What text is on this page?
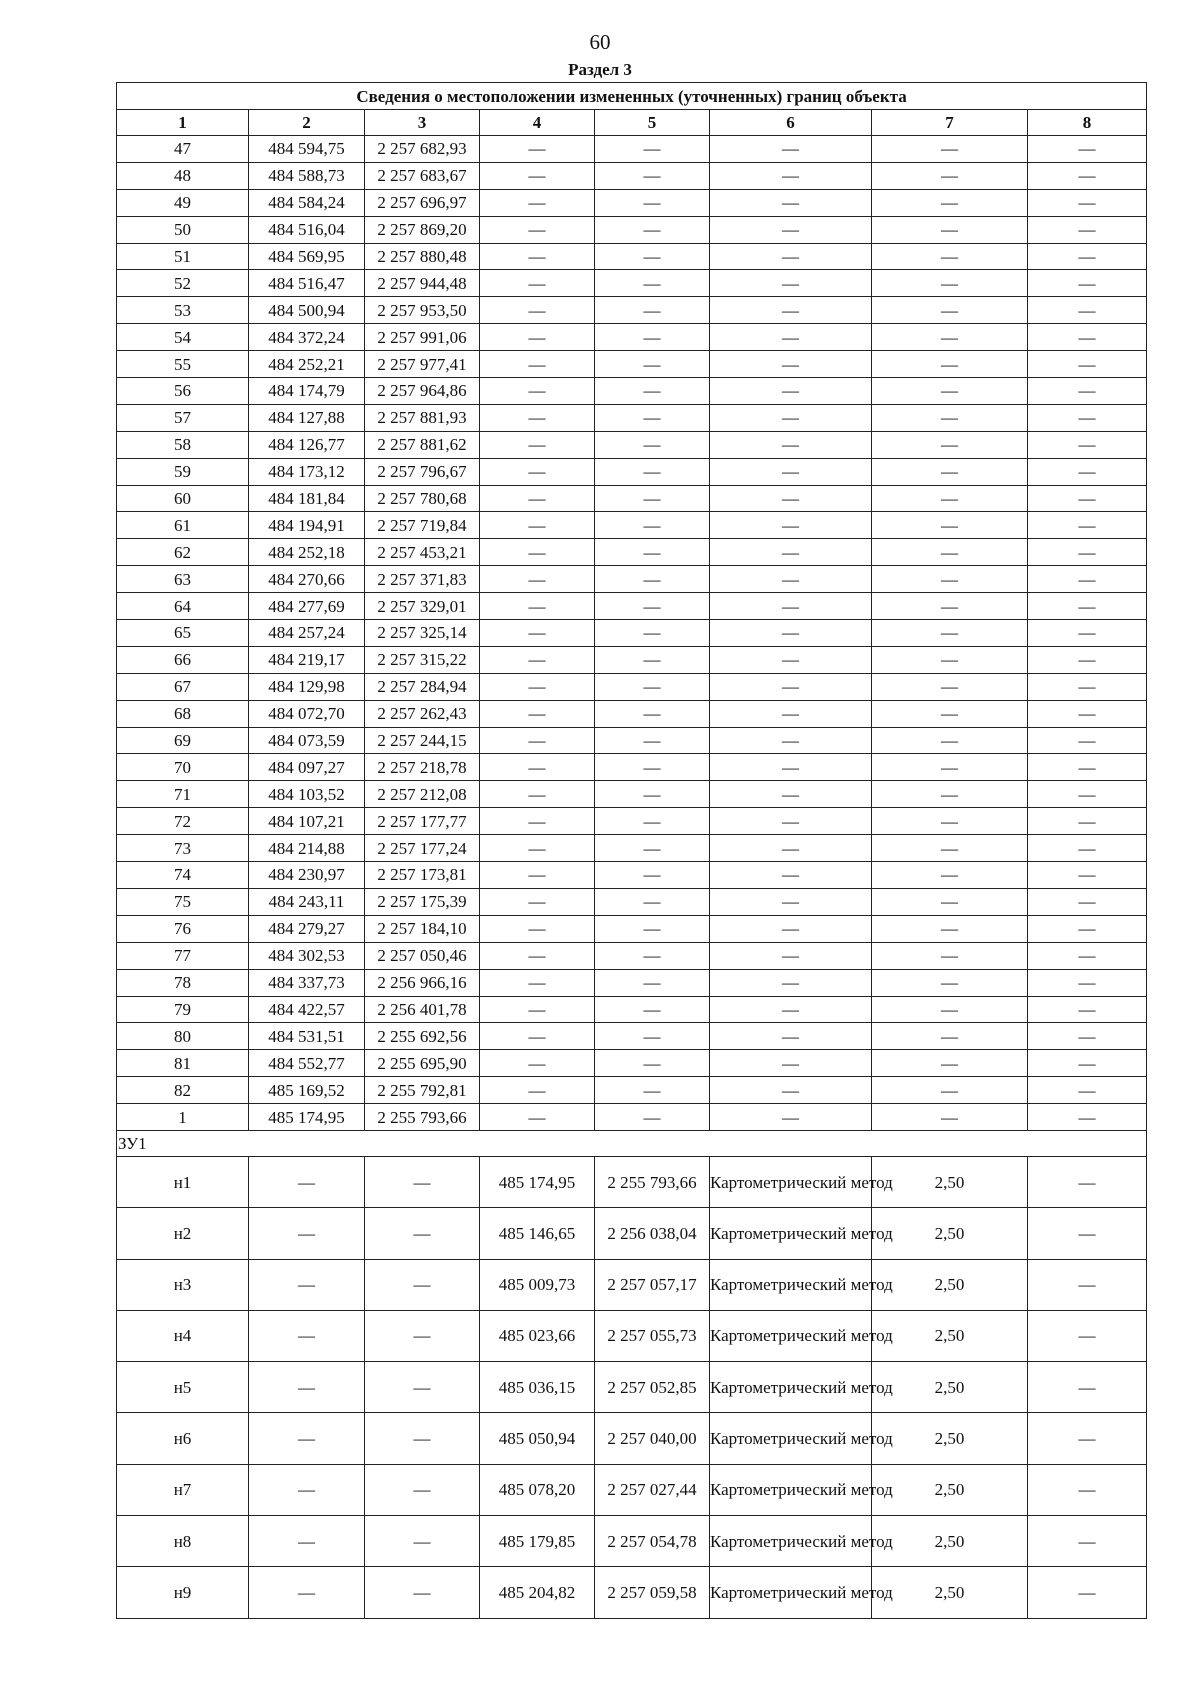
60
Раздел 3
Сведения о местоположении измененных (уточненных) границ объекта							
1	2	3	4	5	6	7	8
47	484 594,75	2 257 682,93	—	—	—	—	—
48	484 588,73	2 257 683,67	—	—	—	—	—
49	484 584,24	2 257 696,97	—	—	—	—	—
50	484 516,04	2 257 869,20	—	—	—	—	—
51	484 569,95	2 257 880,48	—	—	—	—	—
52	484 516,47	2 257 944,48	—	—	—	—	—
53	484 500,94	2 257 953,50	—	—	—	—	—
54	484 372,24	2 257 991,06	—	—	—	—	—
55	484 252,21	2 257 977,41	—	—	—	—	—
56	484 174,79	2 257 964,86	—	—	—	—	—
57	484 127,88	2 257 881,93	—	—	—	—	—
58	484 126,77	2 257 881,62	—	—	—	—	—
59	484 173,12	2 257 796,67	—	—	—	—	—
60	484 181,84	2 257 780,68	—	—	—	—	—
61	484 194,91	2 257 719,84	—	—	—	—	—
62	484 252,18	2 257 453,21	—	—	—	—	—
63	484 270,66	2 257 371,83	—	—	—	—	—
64	484 277,69	2 257 329,01	—	—	—	—	—
65	484 257,24	2 257 325,14	—	—	—	—	—
66	484 219,17	2 257 315,22	—	—	—	—	—
67	484 129,98	2 257 284,94	—	—	—	—	—
68	484 072,70	2 257 262,43	—	—	—	—	—
69	484 073,59	2 257 244,15	—	—	—	—	—
70	484 097,27	2 257 218,78	—	—	—	—	—
71	484 103,52	2 257 212,08	—	—	—	—	—
72	484 107,21	2 257 177,77	—	—	—	—	—
73	484 214,88	2 257 177,24	—	—	—	—	—
74	484 230,97	2 257 173,81	—	—	—	—	—
75	484 243,11	2 257 175,39	—	—	—	—	—
76	484 279,27	2 257 184,10	—	—	—	—	—
77	484 302,53	2 257 050,46	—	—	—	—	—
78	484 337,73	2 256 966,16	—	—	—	—	—
79	484 422,57	2 256 401,78	—	—	—	—	—
80	484 531,51	2 255 692,56	—	—	—	—	—
81	484 552,77	2 255 695,90	—	—	—	—	—
82	485 169,52	2 255 792,81	—	—	—	—	—
1	485 174,95	2 255 793,66	—	—	—	—	—
ЗУ1							
н1	—	—	485 174,95	2 255 793,66	Картометрический метод	2,50	—
н2	—	—	485 146,65	2 256 038,04	Картометрический метод	2,50	—
н3	—	—	485 009,73	2 257 057,17	Картометрический метод	2,50	—
н4	—	—	485 023,66	2 257 055,73	Картометрический метод	2,50	—
н5	—	—	485 036,15	2 257 052,85	Картометрический метод	2,50	—
н6	—	—	485 050,94	2 257 040,00	Картометрический метод	2,50	—
н7	—	—	485 078,20	2 257 027,44	Картометрический метод	2,50	—
н8	—	—	485 179,85	2 257 054,78	Картометрический метод	2,50	—
н9	—	—	485 204,82	2 257 059,58	Картометрический метод	2,50	—
